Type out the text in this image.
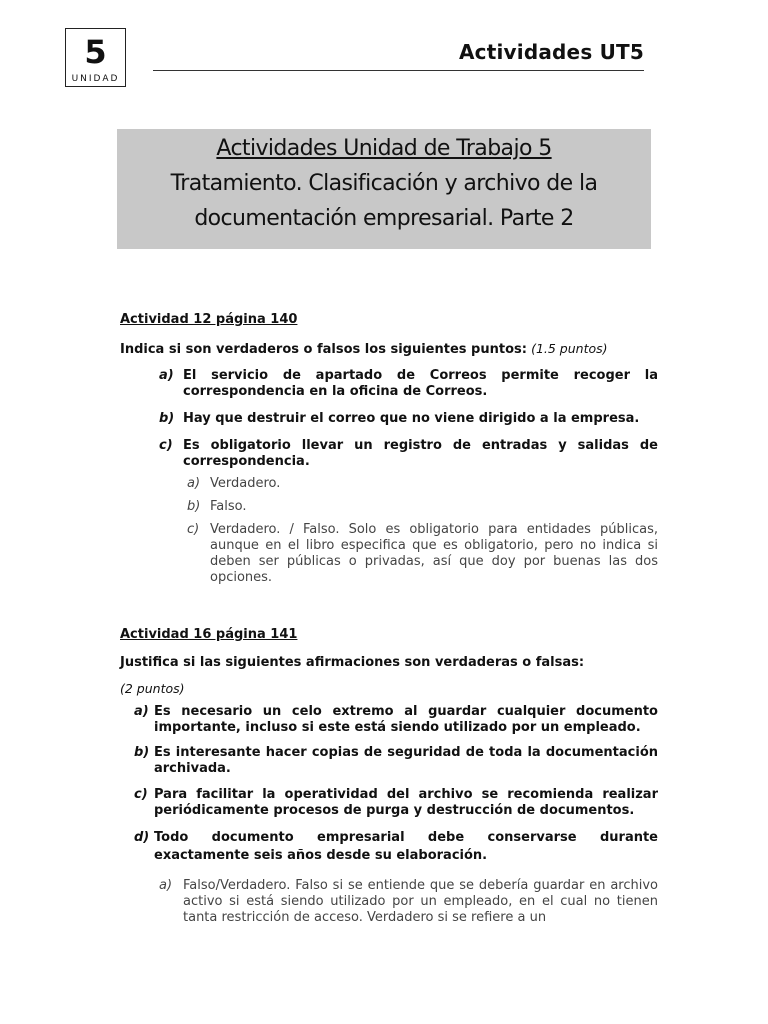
5
UNIDAD
Actividades UT5
Actividades Unidad de Trabajo 5
Tratamiento. Clasificación y archivo de la
documentación empresarial. Parte 2
Actividad 12 página 140
Indica si son verdaderos o falsos los siguientes puntos: (1.5 puntos)
a) El servicio de apartado de Correos permite recoger la correspondencia en la oficina de Correos.
b) Hay que destruir el correo que no viene dirigido a la empresa.
c) Es obligatorio llevar un registro de entradas y salidas de correspondencia.
a) Verdadero.
b) Falso.
c) Verdadero. / Falso. Solo es obligatorio para entidades públicas, aunque en el libro especifica que es obligatorio, pero no indica si deben ser públicas o privadas, así que doy por buenas las dos opciones.
Actividad 16 página 141
Justifica si las siguientes afirmaciones son verdaderas o falsas:
(2 puntos)
a) Es necesario un celo extremo al guardar cualquier documento importante, incluso si este está siendo utilizado por un empleado.
b) Es interesante hacer copias de seguridad de toda la documentación archivada.
c) Para facilitar la operatividad del archivo se recomienda realizar periódicamente procesos de purga y destrucción de documentos.
d) Todo documento empresarial debe conservarse durante exactamente seis años desde su elaboración.
a) Falso/Verdadero. Falso si se entiende que se debería guardar en archivo activo si está siendo utilizado por un empleado, en el cual no tienen tanta restricción de acceso. Verdadero si se refiere a un
